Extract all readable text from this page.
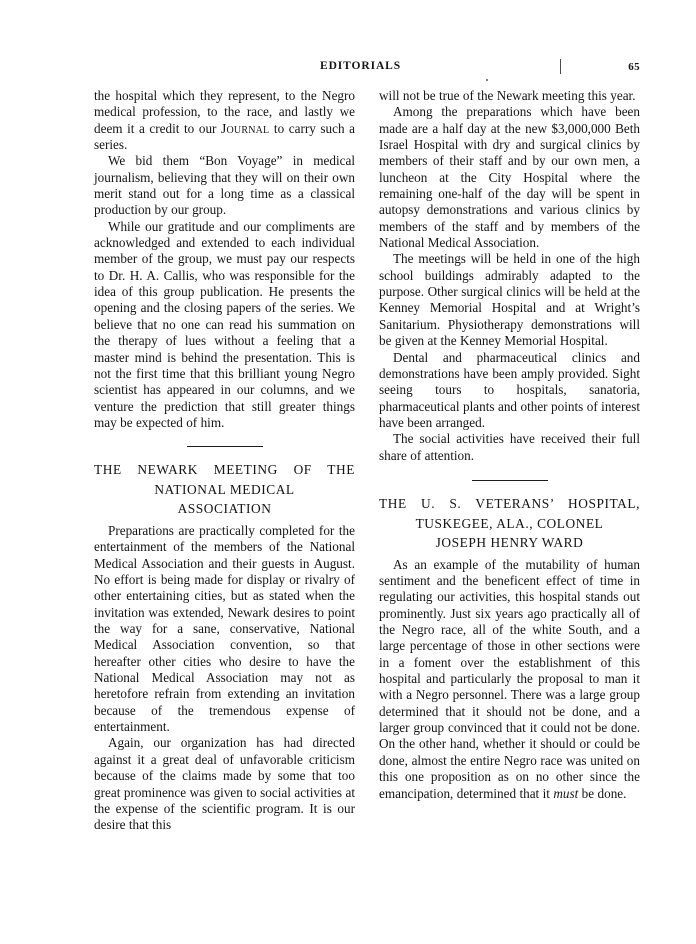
EDITORIALS	65

the hospital which they represent, to the Negro medical profession, to the race, and lastly we deem it a credit to our Journal to carry such a series.

We bid them “Bon Voyage” in medical journalism, believing that they will on their own merit stand out for a long time as a classical production by our group.

While our gratitude and our compliments are acknowledged and extended to each individual member of the group, we must pay our respects to Dr. H. A. Callis, who was responsible for the idea of this group publication. He presents the opening and the closing papers of the series. We believe that no one can read his summation on the therapy of lues without a feeling that a master mind is behind the presentation. This is not the first time that this brilliant young Negro scientist has appeared in our columns, and we venture the prediction that still greater things may be expected of him.

THE NEWARK MEETING OF THE
NATIONAL MEDICAL
ASSOCIATION

Preparations are practically completed for the entertainment of the members of the National Medical Association and their guests in August. No effort is being made for display or rivalry of other entertaining cities, but as stated when the invitation was extended, Newark desires to point the way for a sane, conservative, National Medical Association convention, so that hereafter other cities who desire to have the National Medical Association may not as heretofore refrain from extending an invitation because of the tremendous expense of entertainment.

Again, our organization has had directed against it a great deal of unfavorable criticism because of the claims made by some that too great prominence was given to social activities at the expense of the scientific program. It is our desire that this

will not be true of the Newark meeting this year.

Among the preparations which have been made are a half day at the new $3,000,000 Beth Israel Hospital with dry and surgical clinics by members of their staff and by our own men, a luncheon at the City Hospital where the remaining one-half of the day will be spent in autopsy demonstrations and various clinics by members of the staff and by members of the National Medical Association.

The meetings will be held in one of the high school buildings admirably adapted to the purpose. Other surgical clinics will be held at the Kenney Memorial Hospital and at Wright’s Sanitarium. Physiotherapy demonstrations will be given at the Kenney Memorial Hospital.

Dental and pharmaceutical clinics and demonstrations have been amply provided. Sight seeing tours to hospitals, sanatoria, pharmaceutical plants and other points of interest have been arranged.

The social activities have received their full share of attention.

THE U. S. VETERANS’ HOSPITAL,
TUSKEGEE, ALA., COLONEL
JOSEPH HENRY WARD

As an example of the mutability of human sentiment and the beneficent effect of time in regulating our activities, this hospital stands out prominently. Just six years ago practically all of the Negro race, all of the white South, and a large percentage of those in other sections were in a foment over the establishment of this hospital and particularly the proposal to man it with a Negro personnel. There was a large group determined that it should not be done, and a larger group convinced that it could not be done. On the other hand, whether it should or could be done, almost the entire Negro race was united on this one proposition as on no other since the emancipation, determined that it must be done.
